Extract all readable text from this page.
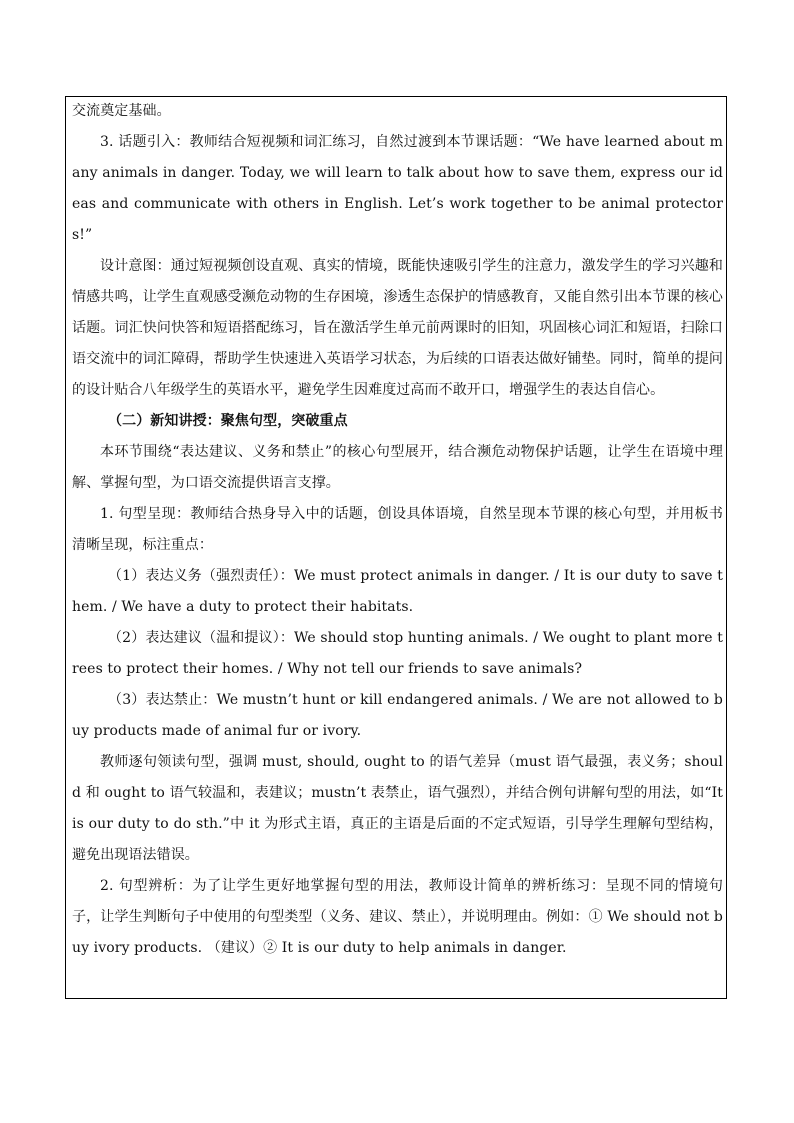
交流奠定基础。

3. 话题引入：教师结合短视频和词汇练习，自然过渡到本节课话题：“We have learned about many animals in danger. Today, we will learn to talk about how to save them, express our ideas and communicate with others in English. Let’s work together to be animal protectors!”

设计意图：通过短视频创设直观、真实的情境，既能快速吸引学生的注意力，激发学生的学习兴趣和情感共鸣，让学生直观感受濒危动物的生存困境，渗透生态保护的情感教育，又能自然引出本节课的核心话题。词汇快问快答和短语搭配练习，旨在激活学生单元前两课时的旧知，巩固核心词汇和短语，扫除口语交流中的词汇障碍，帮助学生快速进入英语学习状态，为后续的口语表达做好铺垫。同时，简单的提问的设计贴合八年级学生的英语水平，避免学生因难度过高而不敢开口，增强学生的表达自信心。

（二）新知讲授：聚焦句型，突破重点

本环节围绕“表达建议、义务和禁止”的核心句型展开，结合濒危动物保护话题，让学生在语境中理解、掌握句型，为口语交流提供语言支撑。

1. 句型呈现：教师结合热身导入中的话题，创设具体语境，自然呈现本节课的核心句型，并用板书清晰呈现，标注重点：

（1）表达义务（强烈责任）：We must protect animals in danger. / It is our duty to save them. / We have a duty to protect their habitats.

（2）表达建议（温和提议）：We should stop hunting animals. / We ought to plant more trees to protect their homes. / Why not tell our friends to save animals?

（3）表达禁止：We mustn’t hunt or kill endangered animals. / We are not allowed to buy products made of animal fur or ivory.

教师逐句领读句型，强调 must, should, ought to 的语气差异（must 语气最强，表义务；should 和 ought to 语气较温和，表建议；mustn’t 表禁止，语气强烈），并结合例句讲解句型的用法，如“It is our duty to do sth.”中 it 为形式主语，真正的主语是后面的不定式短语，引导学生理解句型结构，避免出现语法错误。

2. 句型辨析：为了让学生更好地掌握句型的用法，教师设计简单的辨析练习：呈现不同的情境句子，让学生判断句子中使用的句型类型（义务、建议、禁止），并说明理由。例如：① We should not buy ivory products. （建议）② It is our duty to help animals in danger.
